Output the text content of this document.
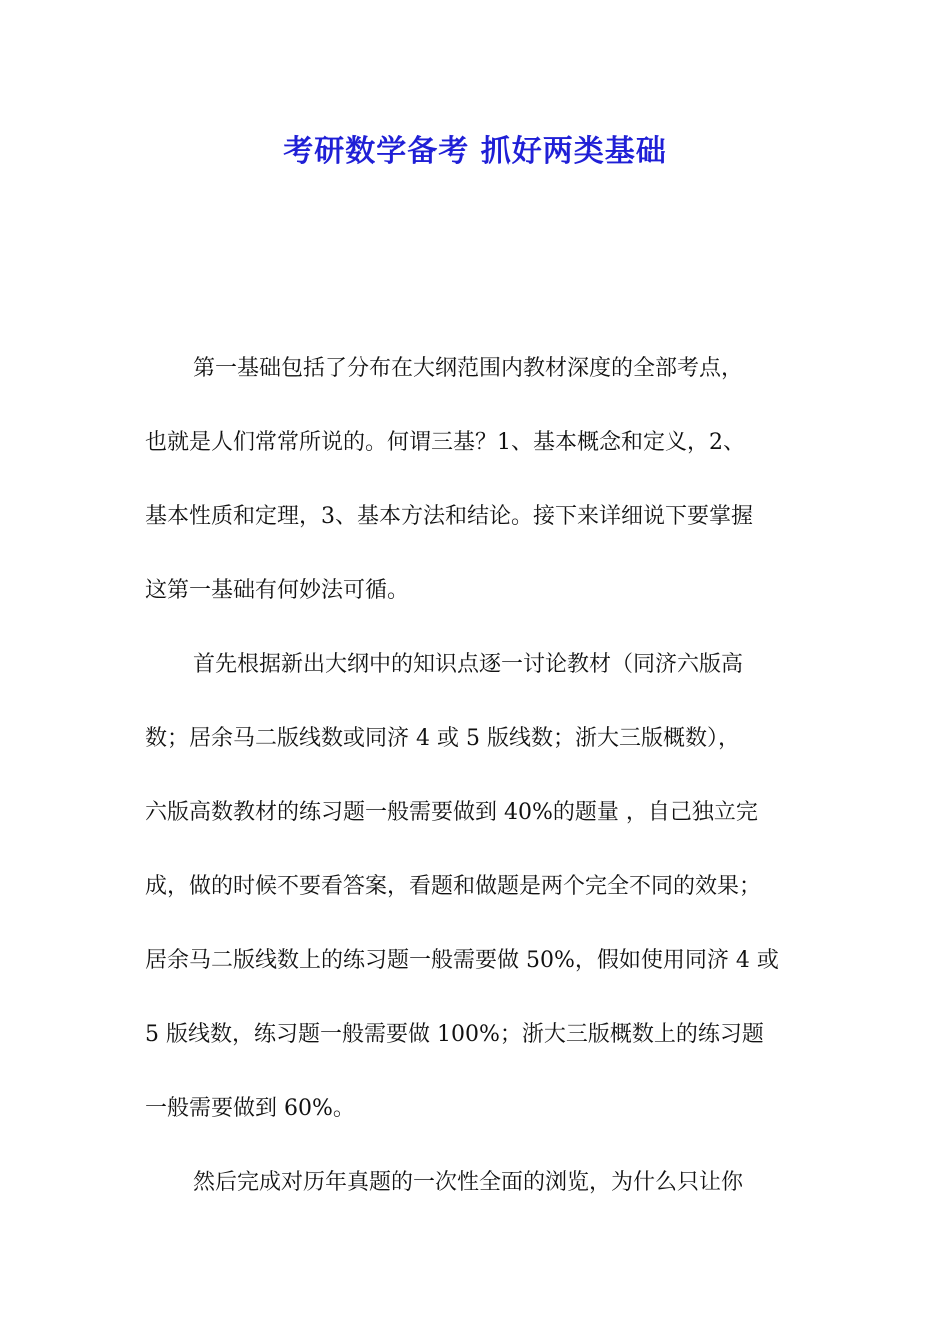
考研数学备考 抓好两类基础
第一基础包括了分布在大纲范围内教材深度的全部考点，
也就是人们常常所说的。何谓三基？1、基本概念和定义，2、
基本性质和定理，3、基本方法和结论。接下来详细说下要掌握
这第一基础有何妙法可循。
首先根据新出大纲中的知识点逐一讨论教材（同济六版高
数；居余马二版线数或同济 4 或 5 版线数；浙大三版概数），
六版高数教材的练习题一般需要做到 40%的题量 ，自己独立完
成，做的时候不要看答案，看题和做题是两个完全不同的效果；
居余马二版线数上的练习题一般需要做 50%，假如使用同济 4 或
5 版线数，练习题一般需要做 100%；浙大三版概数上的练习题
一般需要做到 60%。
然后完成对历年真题的一次性全面的浏览，为什么只让你
